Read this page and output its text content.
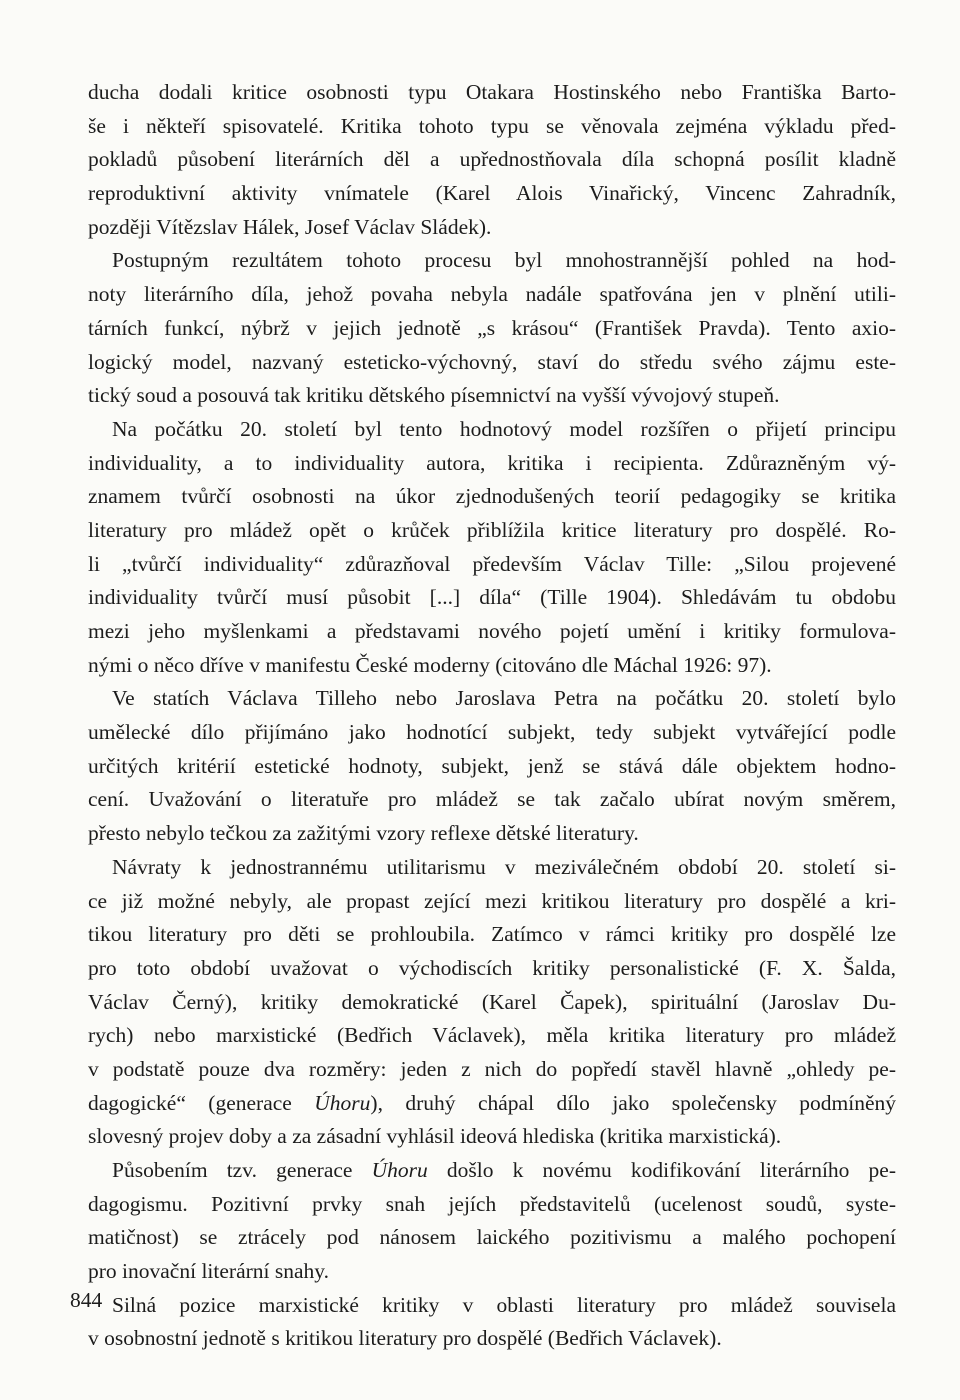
ducha dodali kritice osobnosti typu Otakara Hostinského nebo Františka Barto-
še i někteří spisovatelé. Kritika tohoto typu se věnovala zejména výkladu před-
pokladů působení literárních děl a upřednostňovala díla schopná posílit kladně
reproduktivní aktivity vnímatele (Karel Alois Vinařický, Vincenc Zahradník,
později Vítězslav Hálek, Josef Václav Sládek).
Postupným rezultátem tohoto procesu byl mnohostrannější pohled na hod-
noty literárního díla, jehož povaha nebyla nadále spatřována jen v plnění utili-
tárních funkcí, nýbrž v jejich jednotě „s krásou“ (František Pravda). Tento axio-
logický model, nazvaný esteticko-výchovný, staví do středu svého zájmu este-
tický soud a posouvá tak kritiku dětského písemnictví na vyšší vývojový stupeň.
Na počátku 20. století byl tento hodnotový model rozšířen o přijetí principu
individuality, a to individuality autora, kritika i recipienta. Zdůrazněným vý-
znamem tvůrčí osobnosti na úkor zjednodušených teorií pedagogiky se kritika
literatury pro mládež opět o krůček přiblížila kritice literatury pro dospělé. Ro-
li „tvůrčí individuality“ zdůrazňoval především Václav Tille: „Silou projevené
individuality tvůrčí musí působit [...] díla“ (Tille 1904). Shledávám tu obdobu
mezi jeho myšlenkami a představami nového pojetí umění i kritiky formulova-
nými o něco dříve v manifestu České moderny (citováno dle Máchal 1926: 97).
Ve statích Václava Tilleho nebo Jaroslava Petra na počátku 20. století bylo
umělecké dílo přijímáno jako hodnotící subjekt, tedy subjekt vytvářející podle
určitých kritérií estetické hodnoty, subjekt, jenž se stává dále objektem hodno-
cení. Uvažování o literatuře pro mládež se tak začalo ubírat novým směrem,
přesto nebylo tečkou za zažitými vzory reflexe dětské literatury.
Návraty k jednostrannému utilitarismu v meziválečném období 20. století si-
ce již možné nebyly, ale propast zející mezi kritikou literatury pro dospělé a kri-
tikou literatury pro děti se prohloubila. Zatímco v rámci kritiky pro dospělé lze
pro toto období uvažovat o východiscích kritiky personalistické (F. X. Šalda,
Václav Černý), kritiky demokratické (Karel Čapek), spirituální (Jaroslav Du-
rych) nebo marxistické (Bedřich Václavek), měla kritika literatury pro mládež
v podstatě pouze dva rozměry: jeden z nich do popředí stavěl hlavně „ohledy pe-
dagogické“ (generace Úhoru), druhý chápal dílo jako společensky podmíněný
slovesný projev doby a za zásadní vyhlásil ideová hlediska (kritika marxistická).
Působením tzv. generace Úhoru došlo k novému kodifikování literárního pe-
dagogismu. Pozitivní prvky snah jejích představitelů (ucelenost soudů, syste-
matičnost) se ztrácely pod nánosem laického pozitivismu a malého pochopení
pro inovační literární snahy.
Silná pozice marxistické kritiky v oblasti literatury pro mládež souvisela
v osobnostní jednotě s kritikou literatury pro dospělé (Bedřich Václavek).
844
